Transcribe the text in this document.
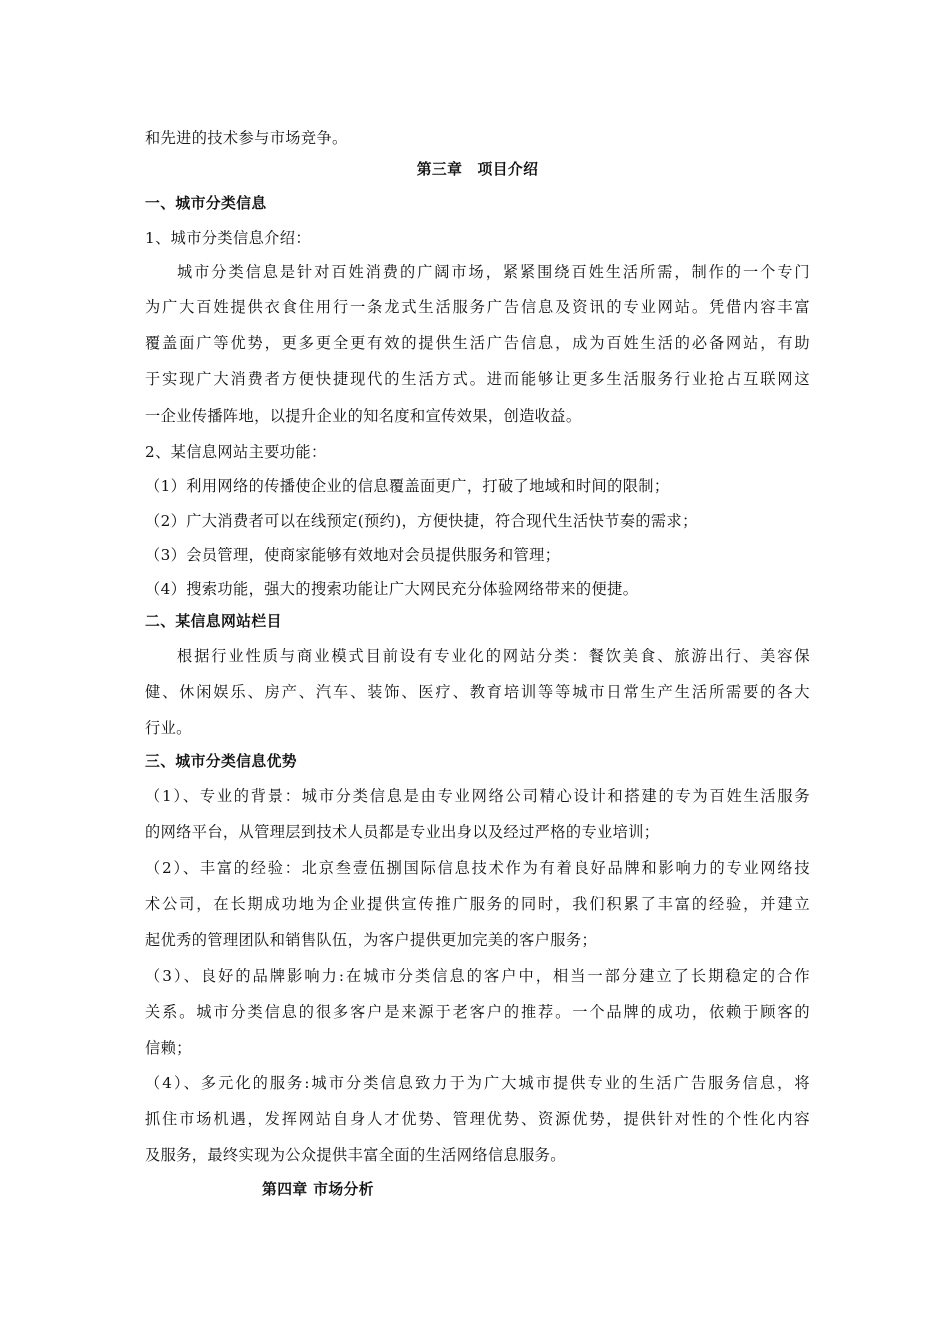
和先进的技术参与市场竞争。
第三章　项目介绍
一、城市分类信息
1、城市分类信息介绍：
城市分类信息是针对百姓消费的广阔市场，紧紧围绕百姓生活所需，制作的一个专门
为广大百姓提供衣食住用行一条龙式生活服务广告信息及资讯的专业网站。凭借内容丰富
覆盖面广等优势，更多更全更有效的提供生活广告信息，成为百姓生活的必备网站，有助
于实现广大消费者方便快捷现代的生活方式。进而能够让更多生活服务行业抢占互联网这
一企业传播阵地，以提升企业的知名度和宣传效果，创造收益。
2、某信息网站主要功能：
（1）利用网络的传播使企业的信息覆盖面更广，打破了地域和时间的限制；
（2）广大消费者可以在线预定(预约)，方便快捷，符合现代生活快节奏的需求；
（3）会员管理，使商家能够有效地对会员提供服务和管理；
（4）搜索功能，强大的搜索功能让广大网民充分体验网络带来的便捷。
二、某信息网站栏目
根据行业性质与商业模式目前设有专业化的网站分类：餐饮美食、旅游出行、美容保
健、休闲娱乐、房产、汽车、装饰、医疗、教育培训等等城市日常生产生活所需要的各大
行业。
三、城市分类信息优势
（1）、专业的背景：城市分类信息是由专业网络公司精心设计和搭建的专为百姓生活服务
的网络平台，从管理层到技术人员都是专业出身以及经过严格的专业培训；
（2）、丰富的经验：北京叁壹伍捌国际信息技术作为有着良好品牌和影响力的专业网络技
术公司，在长期成功地为企业提供宣传推广服务的同时，我们积累了丰富的经验，并建立
起优秀的管理团队和销售队伍，为客户提供更加完美的客户服务；
（3）、良好的品牌影响力:在城市分类信息的客户中，相当一部分建立了长期稳定的合作
关系。城市分类信息的很多客户是来源于老客户的推荐。一个品牌的成功，依赖于顾客的
信赖；
（4）、多元化的服务:城市分类信息致力于为广大城市提供专业的生活广告服务信息，将
抓住市场机遇，发挥网站自身人才优势、管理优势、资源优势，提供针对性的个性化内容
及服务，最终实现为公众提供丰富全面的生活网络信息服务。
第四章 市场分析
